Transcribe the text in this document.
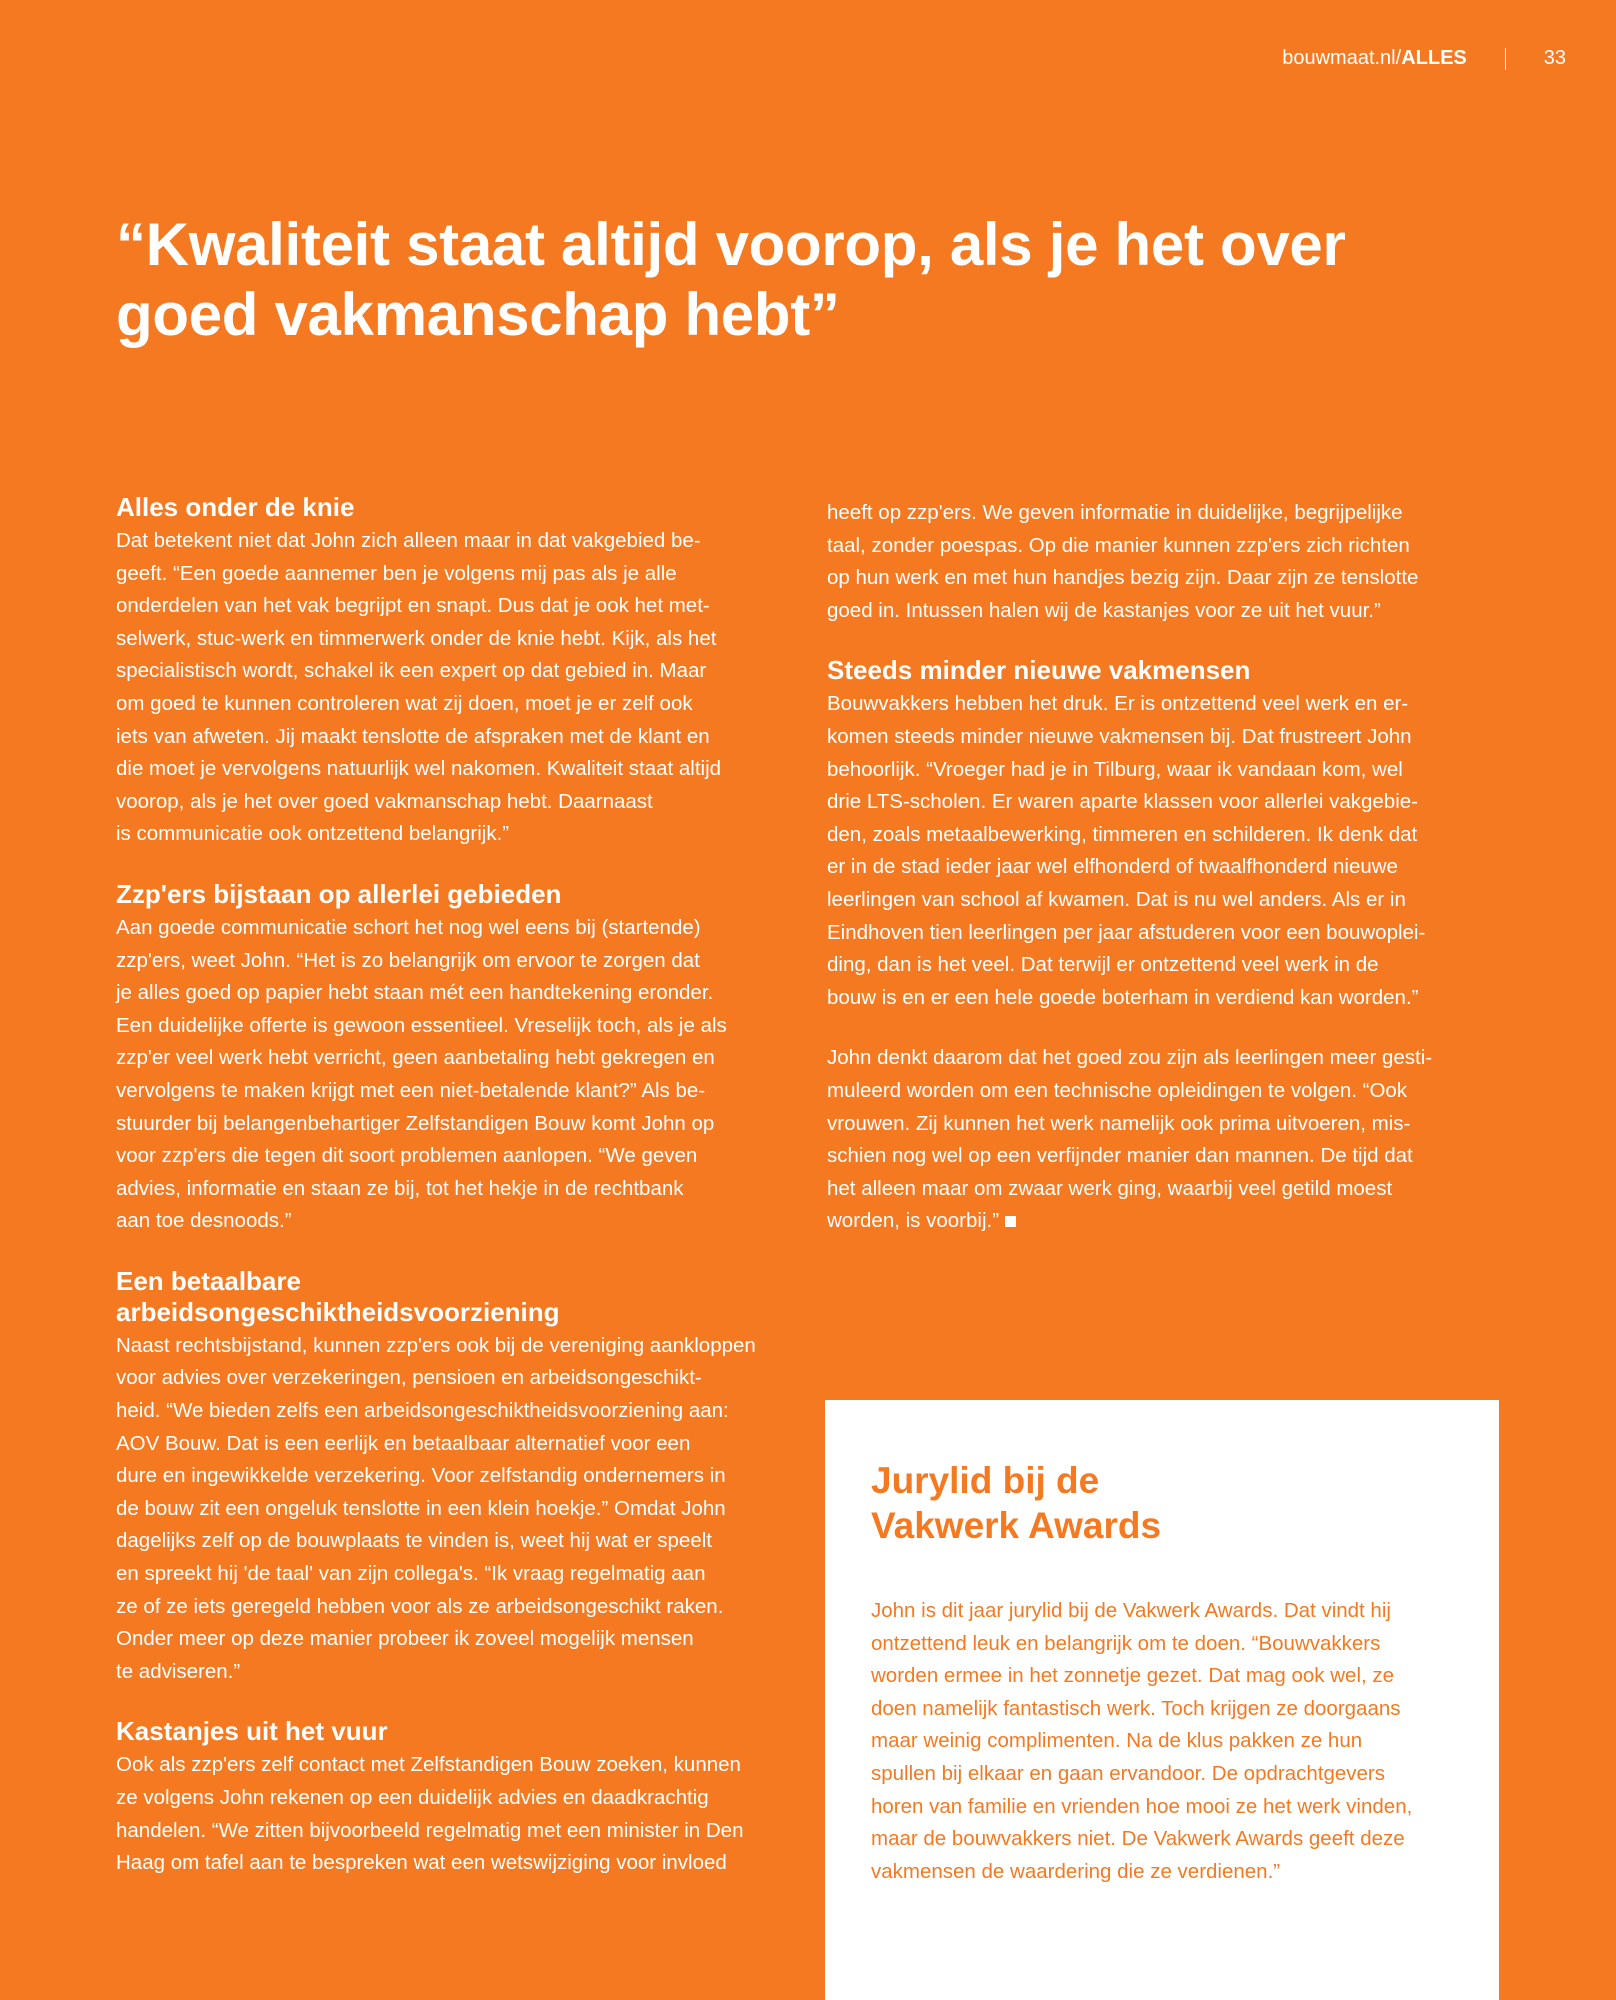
bouwmaat.nl/ALLES	33
“Kwaliteit staat altijd voorop, als je het over
goed vakmanschap hebt”
Alles onder de knie

Dat betekent niet dat John zich alleen maar in dat vakgebied be-
geeft. “Een goede aannemer ben je volgens mij pas als je alle
onderdelen van het vak begrijpt en snapt. Dus dat je ook het met-
selwerk, stuc-werk en timmerwerk onder de knie hebt. Kijk, als het
specialistisch wordt, schakel ik een expert op dat gebied in. Maar
om goed te kunnen controleren wat zij doen, moet je er zelf ook
iets van afweten. Jij maakt tenslotte de afspraken met de klant en
die moet je vervolgens natuurlijk wel nakomen. Kwaliteit staat altijd
voorop, als je het over goed vakmanschap hebt. Daarnaast
is communicatie ook ontzettend belangrijk.”

Zzp'ers bijstaan op allerlei gebieden

Aan goede communicatie schort het nog wel eens bij (startende)
zzp'ers, weet John. “Het is zo belangrijk om ervoor te zorgen dat
je alles goed op papier hebt staan mét een handtekening eronder.
Een duidelijke offerte is gewoon essentieel. Vreselijk toch, als je als
zzp'er veel werk hebt verricht, geen aanbetaling hebt gekregen en
vervolgens te maken krijgt met een niet-betalende klant?” Als be-
stuurder bij belangenbehartiger Zelfstandigen Bouw komt John op
voor zzp'ers die tegen dit soort problemen aanlopen. “We geven
advies, informatie en staan ze bij, tot het hekje in de rechtbank
aan toe desnoods.”

Een betaalbare
arbeidsongeschiktheidsvoorziening

Naast rechtsbijstand, kunnen zzp'ers ook bij de vereniging aankloppen
voor advies over verzekeringen, pensioen en arbeidsongeschikt-
heid. “We bieden zelfs een arbeidsongeschiktheidsvoorziening aan:
AOV Bouw. Dat is een eerlijk en betaalbaar alternatief voor een
dure en ingewikkelde verzekering. Voor zelfstandig ondernemers in
de bouw zit een ongeluk tenslotte in een klein hoekje.” Omdat John
dagelijks zelf op de bouwplaats te vinden is, weet hij wat er speelt
en spreekt hij 'de taal' van zijn collega's. “Ik vraag regelmatig aan
ze of ze iets geregeld hebben voor als ze arbeidsongeschikt raken.
Onder meer op deze manier probeer ik zoveel mogelijk mensen
te adviseren.”

Kastanjes uit het vuur

Ook als zzp'ers zelf contact met Zelfstandigen Bouw zoeken, kunnen
ze volgens John rekenen op een duidelijk advies en daadkrachtig
handelen. “We zitten bijvoorbeeld regelmatig met een minister in Den
Haag om tafel aan te bespreken wat een wetswijziging voor invloed

heeft op zzp'ers. We geven informatie in duidelijke, begrijpelijke
taal, zonder poespas. Op die manier kunnen zzp'ers zich richten
op hun werk en met hun handjes bezig zijn. Daar zijn ze tenslotte
goed in. Intussen halen wij de kastanjes voor ze uit het vuur.”

Steeds minder nieuwe vakmensen

Bouwvakkers hebben het druk. Er is ontzettend veel werk en er-
komen steeds minder nieuwe vakmensen bij. Dat frustreert John
behoorlijk. “Vroeger had je in Tilburg, waar ik vandaan kom, wel
drie LTS-scholen. Er waren aparte klassen voor allerlei vakgebie-
den, zoals metaalbewerking, timmeren en schilderen. Ik denk dat
er in de stad ieder jaar wel elfhonderd of twaalfhonderd nieuwe
leerlingen van school af kwamen. Dat is nu wel anders. Als er in
Eindhoven tien leerlingen per jaar afstuderen voor een bouwoplei-
ding, dan is het veel. Dat terwijl er ontzettend veel werk in de
bouw is en er een hele goede boterham in verdiend kan worden.”

John denkt daarom dat het goed zou zijn als leerlingen meer gesti-
muleerd worden om een technische opleidingen te volgen. “Ook
vrouwen. Zij kunnen het werk namelijk ook prima uitvoeren, mis-
schien nog wel op een verfijnder manier dan mannen. De tijd dat
het alleen maar om zwaar werk ging, waarbij veel getild moest
worden, is voorbij.”

Jurylid bij de
Vakwerk Awards

John is dit jaar jurylid bij de Vakwerk Awards. Dat vindt hij
ontzettend leuk en belangrijk om te doen. “Bouwvakkers
worden ermee in het zonnetje gezet. Dat mag ook wel, ze
doen namelijk fantastisch werk. Toch krijgen ze doorgaans
maar weinig complimenten. Na de klus pakken ze hun
spullen bij elkaar en gaan ervandoor. De opdrachtgevers
horen van familie en vrienden hoe mooi ze het werk vinden,
maar de bouwvakkers niet. De Vakwerk Awards geeft deze
vakmensen de waardering die ze verdienen.”
